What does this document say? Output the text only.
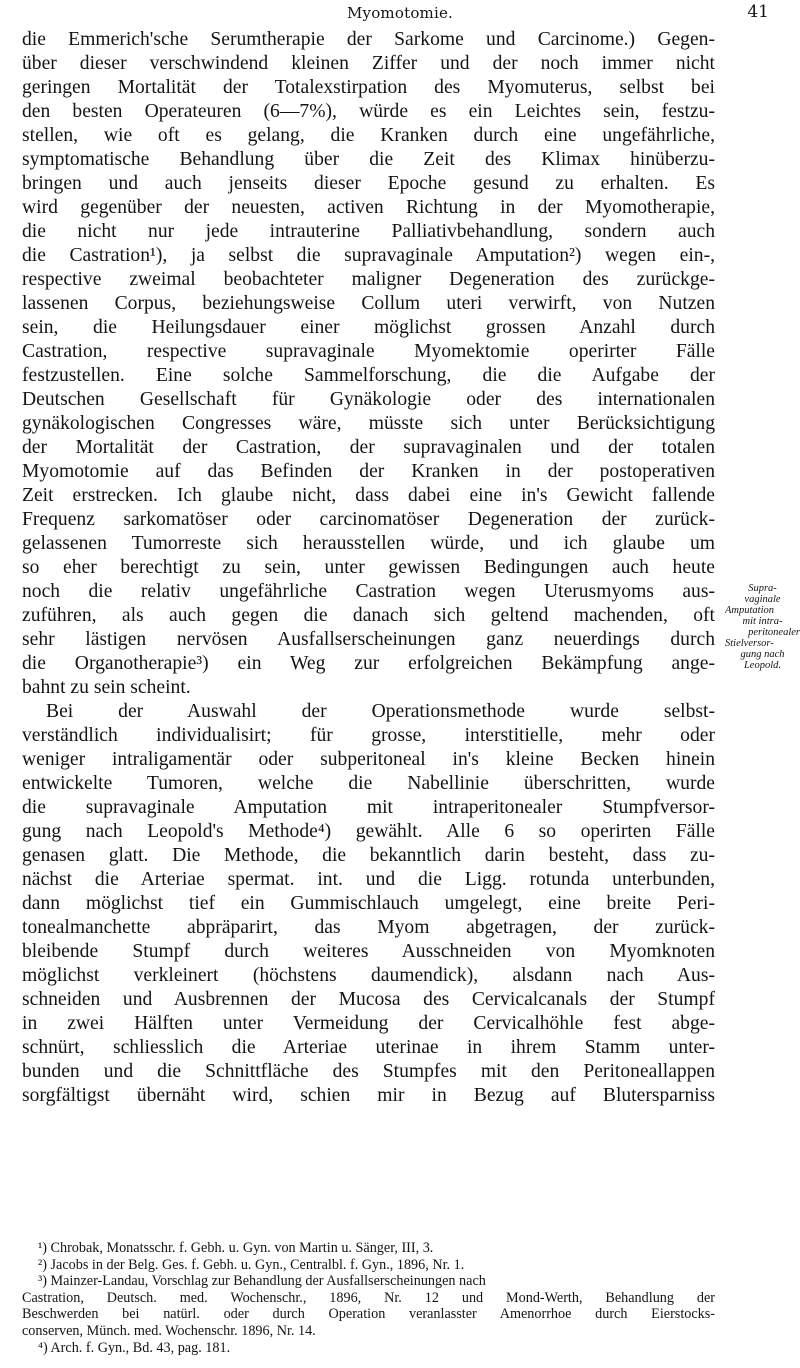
Myomotomie.	41
die Emmerich'sche Serumtherapie der Sarkome und Carcinome.) Gegen-
über dieser verschwindend kleinen Ziffer und der noch immer nicht
geringen Mortalität der Totalexstirpation des Myomuterus, selbst bei
den besten Operateuren (6—7%), würde es ein Leichtes sein, festzu-
stellen, wie oft es gelang, die Kranken durch eine ungefährliche,
symptomatische Behandlung über die Zeit des Klimax hinüberzu-
bringen und auch jenseits dieser Epoche gesund zu erhalten. Es
wird gegenüber der neuesten, activen Richtung in der Myomotherapie,
die nicht nur jede intrauterine Palliativbehandlung, sondern auch
die Castration¹), ja selbst die supravaginale Amputation²) wegen ein-,
respective zweimal beobachteter maligner Degeneration des zurückge-
lassenen Corpus, beziehungsweise Collum uteri verwirft, von Nutzen
sein, die Heilungsdauer einer möglichst grossen Anzahl durch
Castration, respective supravaginale Myomektomie operirter Fälle
festzustellen. Eine solche Sammelforschung, die die Aufgabe der
Deutschen Gesellschaft für Gynäkologie oder des internationalen
gynäkologischen Congresses wäre, müsste sich unter Berücksichtigung
der Mortalität der Castration, der supravaginalen und der totalen
Myomotomie auf das Befinden der Kranken in der postoperativen
Zeit erstrecken. Ich glaube nicht, dass dabei eine in's Gewicht fallende
Frequenz sarkomatöser oder carcinomatöser Degeneration der zurück-
gelassenen Tumorreste sich herausstellen würde, und ich glaube um
so eher berechtigt zu sein, unter gewissen Bedingungen auch heute
noch die relativ ungefährliche Castration wegen Uterusmyoms aus-
zuführen, als auch gegen die danach sich geltend machenden, oft
sehr lästigen nervösen Ausfallserscheinungen ganz neuerdings durch
die Organotherapie³) ein Weg zur erfolgreichen Bekämpfung ange-
bahnt zu sein scheint.
Bei der Auswahl der Operationsmethode wurde selbst-
verständlich individualisirt; für grosse, interstitielle, mehr oder
weniger intraligamentär oder subperitoneal in's kleine Becken hinein
entwickelte Tumoren, welche die Nabellinie überschritten, wurde
die supravaginale Amputation mit intraperitonealer Stumpfversor-
gung nach Leopold's Methode⁴) gewählt. Alle 6 so operirten Fälle
genasen glatt. Die Methode, die bekanntlich darin besteht, dass zu-
nächst die Arteriae spermat. int. und die Ligg. rotunda unterbunden,
dann möglichst tief ein Gummischlauch umgelegt, eine breite Peri-
tonealmanchette abpräparirt, das Myom abgetragen, der zurück-
bleibende Stumpf durch weiteres Ausschneiden von Myomknoten
möglichst verkleinert (höchstens daumendick), alsdann nach Aus-
schneiden und Ausbrennen der Mucosa des Cervicalcanals der Stumpf
in zwei Hälften unter Vermeidung der Cervicalhöhle fest abge-
schnürt, schliesslich die Arteriae uterinae in ihrem Stamm unter-
bunden und die Schnittfläche des Stumpfes mit den Peritoneallappen
sorgfältigst übernäht wird, schien mir in Bezug auf Blutersparniss
Supra-
vaginale
Amputation
mit intra-
peritonealer
Stielversor-
gung nach
Leopold.
¹) Chrobak, Monatsschr. f. Gebh. u. Gyn. von Martin u. Sänger, III, 3.
²) Jacobs in der Belg. Ges. f. Gebh. u. Gyn., Centralbl. f. Gyn., 1896, Nr. 1.
³) Mainzer-Landau, Vorschlag zur Behandlung der Ausfallserscheinungen nach
Castration, Deutsch. med. Wochenschr., 1896, Nr. 12 und Mond-Werth, Behandlung der
Beschwerden bei natürl. oder durch Operation veranlasster Amenorrhoe durch Eierstocks-
conserven, Münch. med. Wochenschr. 1896, Nr. 14.
⁴) Arch. f. Gyn., Bd. 43, pag. 181.
